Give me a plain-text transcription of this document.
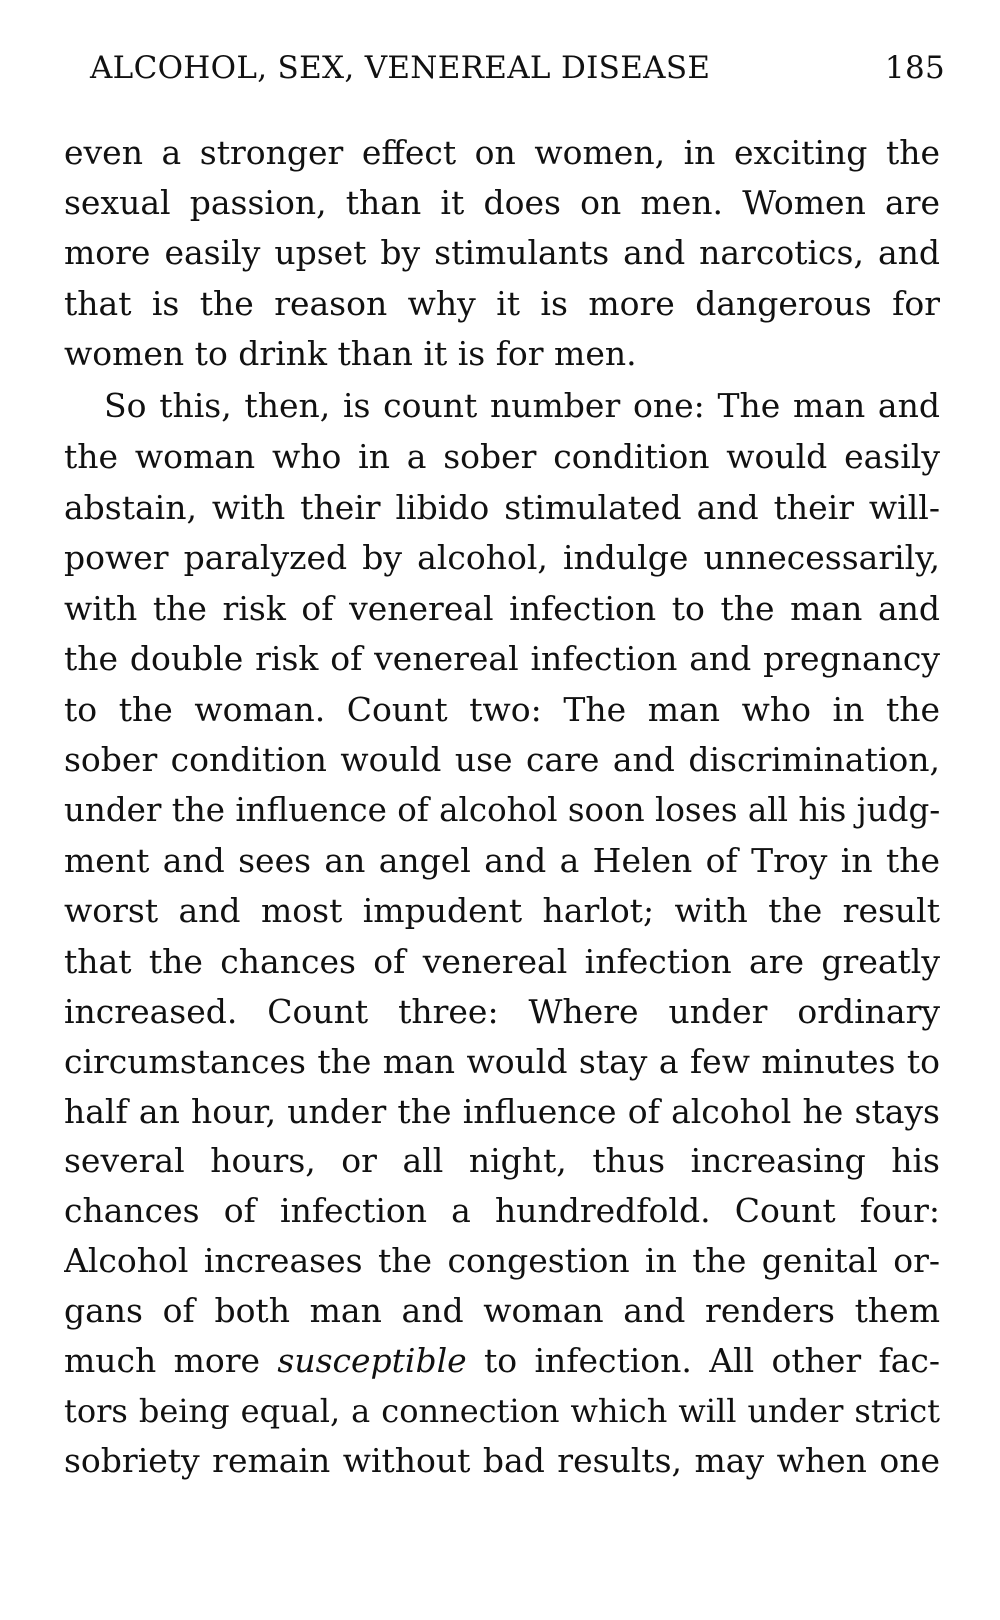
ALCOHOL, SEX, VENEREAL DISEASE	185
even a stronger effect on women, in exciting the
sexual passion, than it does on men. Women are
more easily upset by stimulants and narcotics, and
that is the reason why it is more dangerous for
women to drink than it is for men.
So this, then, is count number one: The man and
the woman who in a sober condition would easily
abstain, with their libido stimulated and their will-
power paralyzed by alcohol, indulge unnecessarily,
with the risk of venereal infection to the man and
the double risk of venereal infection and pregnancy
to the woman. Count two: The man who in the
sober condition would use care and discrimination,
under the influence of alcohol soon loses all his judg-
ment and sees an angel and a Helen of Troy in the
worst and most impudent harlot; with the result
that the chances of venereal infection are greatly
increased. Count three: Where under ordinary
circumstances the man would stay a few minutes to
half an hour, under the influence of alcohol he stays
several hours, or all night, thus increasing his
chances of infection a hundredfold. Count four:
Alcohol increases the congestion in the genital or-
gans of both man and woman and renders them
much more susceptible to infection. All other fac-
tors being equal, a connection which will under strict
sobriety remain without bad results, may when one
